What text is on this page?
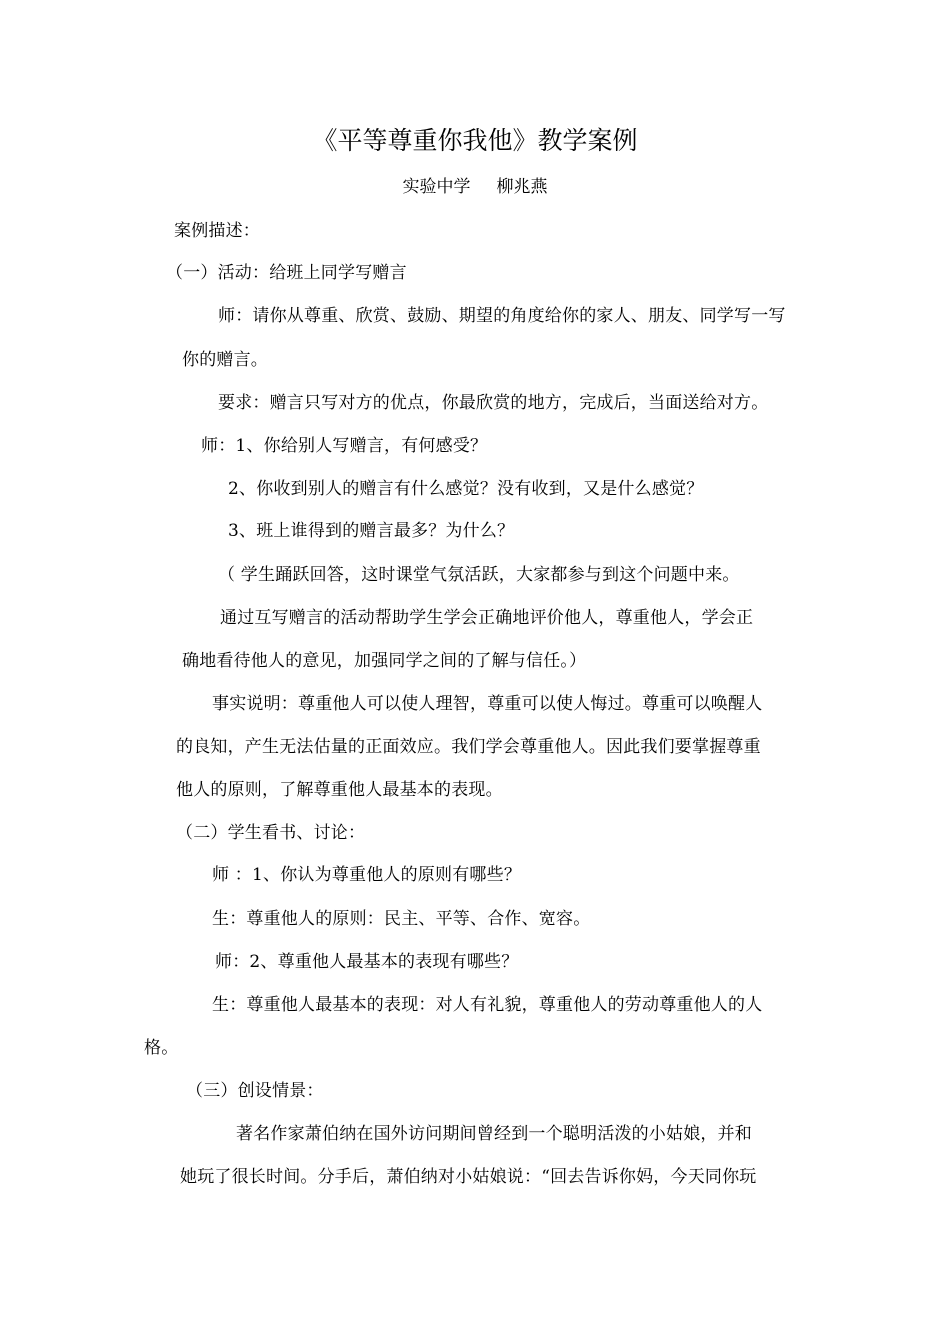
《平等尊重你我他》教学案例
实验中学 柳兆燕

案例描述：

（一）活动：给班上同学写赠言

师：请你从尊重、欣赏、鼓励、期望的角度给你的家人、朋友、同学写一写

你的赠言。

要求：赠言只写对方的优点，你最欣赏的地方，完成后，当面送给对方。

师：1、你给别人写赠言，有何感受？

2、你收到别人的赠言有什么感觉？没有收到，又是什么感觉？

3、班上谁得到的赠言最多？为什么？

（ 学生踊跃回答，这时课堂气氛活跃，大家都参与到这个问题中来。

通过互写赠言的活动帮助学生学会正确地评价他人，尊重他人，学会正

确地看待他人的意见，加强同学之间的了解与信任。）

事实说明：尊重他人可以使人理智，尊重可以使人悔过。尊重可以唤醒人

的良知，产生无法估量的正面效应。我们学会尊重他人。因此我们要掌握尊重

他人的原则，了解尊重他人最基本的表现。

（二）学生看书、讨论：

师 ：1、你认为尊重他人的原则有哪些？

生：尊重他人的原则：民主、平等、合作、宽容。

师：2、尊重他人最基本的表现有哪些？

生：尊重他人最基本的表现：对人有礼貌，尊重他人的劳动尊重他人的人

格。

（三）创设情景：

著名作家萧伯纳在国外访问期间曾经到一个聪明活泼的小姑娘，并和

她玩了很长时间。分手后，萧伯纳对小姑娘说：“回去告诉你妈，今天同你玩
